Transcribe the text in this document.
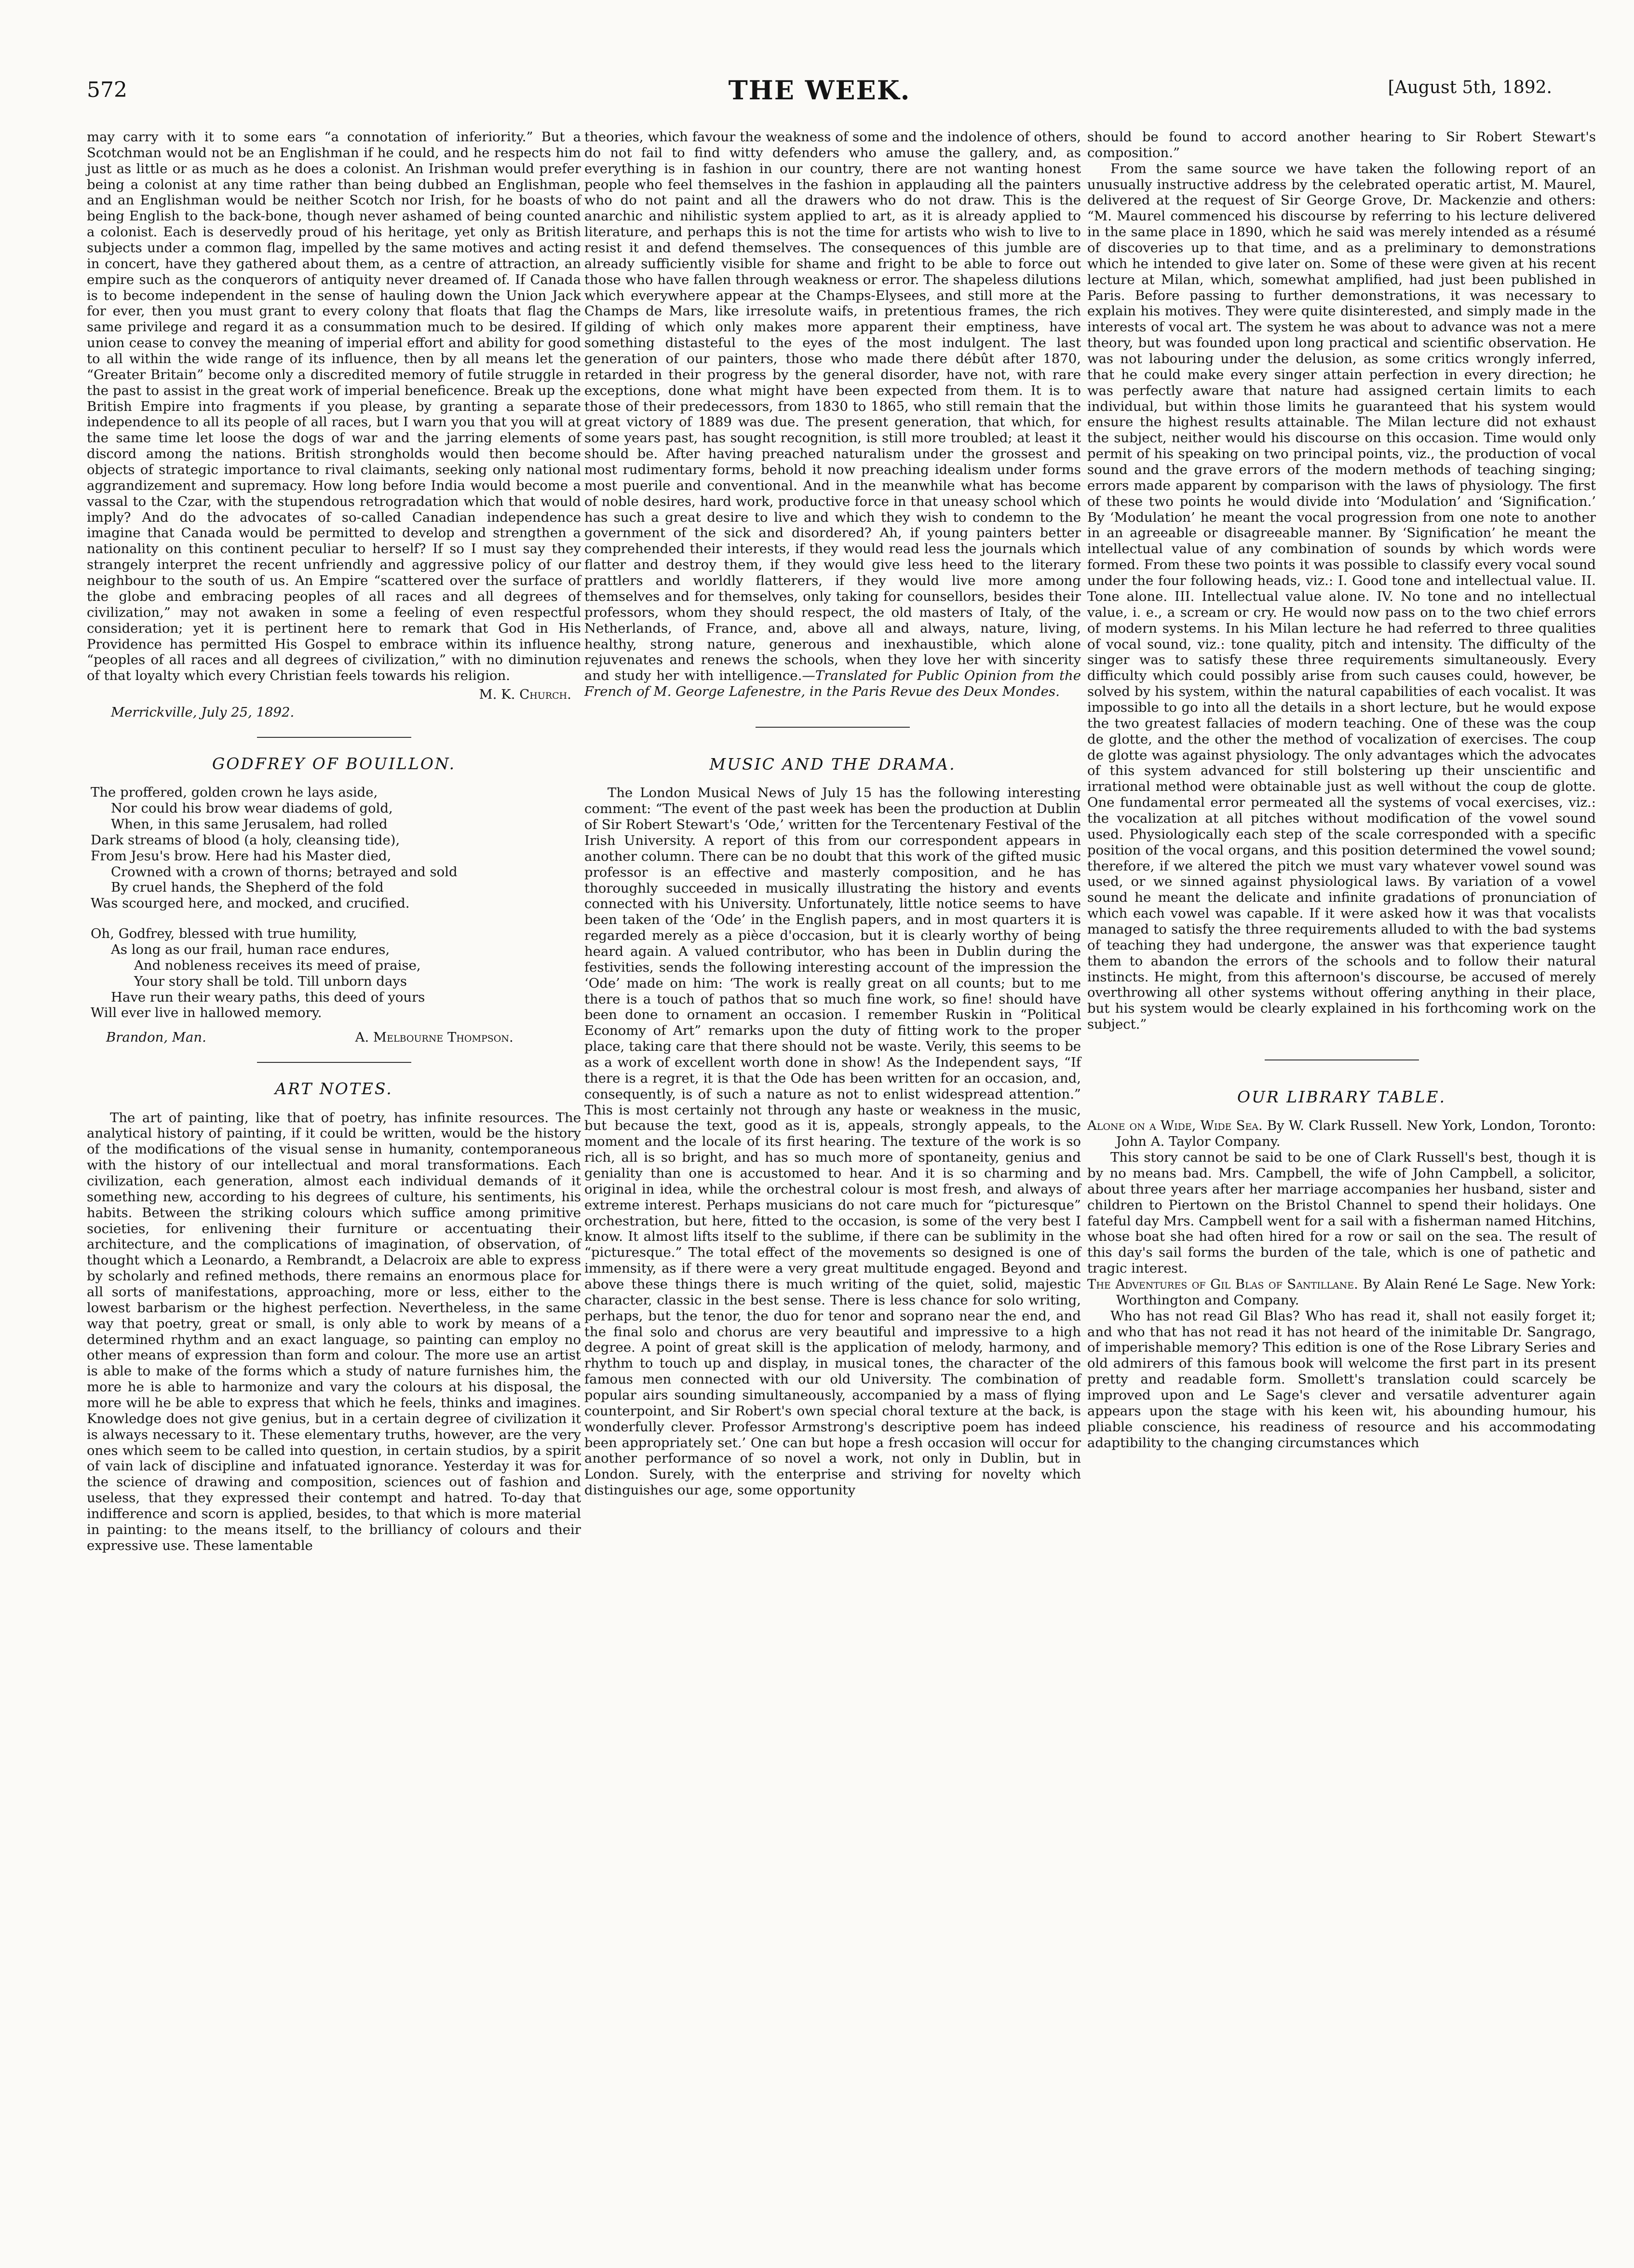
572	THE WEEK.	[August 5th, 1892.

may carry with it to some ears “a connotation of inferiority.” But a Scotchman would not be an Englishman if he could, and he respects him just as little or as much as he does a colonist. An Irishman would prefer being a colonist at any time rather than being dubbed an Englishman, and an Englishman would be neither Scotch nor Irish, for he boasts of being English to the back-bone, though never ashamed of being counted a colonist. Each is deservedly proud of his heritage, yet only as British subjects under a common flag, impelled by the same motives and acting in concert, have they gathered about them, as a centre of attraction, an empire such as the conquerors of antiquity never dreamed of. If Canada is to become independent in the sense of hauling down the Union Jack for ever, then you must grant to every colony that floats that flag the same privilege and regard it as a consummation much to be desired. If union cease to convey the meaning of imperial effort and ability for good to all within the wide range of its influence, then by all means let the “Greater Britain” become only a discredited memory of futile struggle in the past to assist in the great work of imperial beneficence. Break up the British Empire into fragments if you please, by granting a separate independence to all its people of all races, but I warn you that you will at the same time let loose the dogs of war and the jarring elements of discord among the nations. British strongholds would then become objects of strategic importance to rival claimants, seeking only national aggrandizement and supremacy. How long before India would become a vassal to the Czar, with the stupendous retrogradation which that would imply? And do the advocates of so-called Canadian independence imagine that Canada would be permitted to develop and strengthen a nationality on this continent peculiar to herself? If so I must say they strangely interpret the recent unfriendly and aggressive policy of our neighbour to the south of us. An Empire “scattered over the surface of the globe and embracing peoples of all races and all degrees of civilization,” may not awaken in some a feeling of even respectful consideration; yet it is pertinent here to remark that God in His Providence has permitted His Gospel to embrace within its influence “peoples of all races and all degrees of civilization,” with no diminution of that loyalty which every Christian feels towards his religion.

M. K. Church.
Merrickville, July 25, 1892.
GODFREY OF BOUILLON.
The proffered, golden crown he lays aside,
Nor could his brow wear diadems of gold,
When, in this same Jerusalem, had rolled
Dark streams of blood (a holy, cleansing tide),
From Jesu's brow. Here had his Master died,
Crowned with a crown of thorns; betrayed and sold
By cruel hands, the Shepherd of the fold
Was scourged here, and mocked, and crucified.
Oh, Godfrey, blessed with true humility,
As long as our frail, human race endures,
And nobleness receives its meed of praise,
Your story shall be told. Till unborn days
Have run their weary paths, this deed of yours
Will ever live in hallowed memory.
Brandon, Man.	A. Melbourne Thompson.
ART NOTES.

The art of painting, like that of poetry, has infinite resources. The analytical history of painting, if it could be written, would be the history of the modifications of the visual sense in humanity, contemporaneous with the history of our intellectual and moral transformations. Each civilization, each generation, almost each individual demands of it something new, according to his degrees of culture, his sentiments, his habits. Between the striking colours which suffice among primitive societies, for enlivening their furniture or accentuating their architecture, and the complications of imagination, of observation, of thought which a Leonardo, a Rembrandt, a Delacroix are able to express by scholarly and refined methods, there remains an enormous place for all sorts of manifestations, approaching, more or less, either to the lowest barbarism or the highest perfection. Nevertheless, in the same way that poetry, great or small, is only able to work by means of a determined rhythm and an exact language, so painting can employ no other means of expression than form and colour. The more use an artist is able to make of the forms which a study of nature furnishes him, the more he is able to harmonize and vary the colours at his disposal, the more will he be able to express that which he feels, thinks and imagines. Knowledge does not give genius, but in a certain degree of civilization it is always necessary to it. These elementary truths, however, are the very ones which seem to be called into question, in certain studios, by a spirit of vain lack of discipline and infatuated ignorance. Yesterday it was for the science of drawing and composition, sciences out of fashion and useless, that they expressed their contempt and hatred. To-day that indifference and scorn is applied, besides, to that which is more material in painting: to the means itself, to the brilliancy of colours and their expressive use. These lamentable

theories, which favour the weakness of some and the indolence of others, do not fail to find witty defenders who amuse the gallery, and, as everything is in fashion in our country, there are not wanting honest people who feel themselves in the fashion in applauding all the painters who do not paint and all the drawers who do not draw. This is the anarchic and nihilistic system applied to art, as it is already applied to literature, and perhaps this is not the time for artists who wish to live to resist it and defend themselves. The consequences of this jumble are already sufficiently visible for shame and fright to be able to force out those who have fallen through weakness or error. The shapeless dilutions which everywhere appear at the Champs-Elysees, and still more at the Champs de Mars, like irresolute waifs, in pretentious frames, the rich gilding of which only makes more apparent their emptiness, have something distasteful to the eyes of the most indulgent. The last generation of our painters, those who made there débût after 1870, retarded in their progress by the general disorder, have not, with rare exceptions, done what might have been expected from them. It is to those of their predecessors, from 1830 to 1865, who still remain that the great victory of 1889 was due. The present generation, that which, for some years past, has sought recognition, is still more troubled; at least it should be. After having preached naturalism under the grossest and most rudimentary forms, behold it now preaching idealism under forms most puerile and conventional. And in the meanwhile what has become of noble desires, hard work, productive force in that uneasy school which has such a great desire to live and which they wish to condemn to the government of the sick and disordered? Ah, if young painters better comprehended their interests, if they would read less the journals which flatter and destroy them, if they would give less heed to the literary prattlers and worldly flatterers, if they would live more among themselves and for themselves, only taking for counsellors, besides their professors, whom they should respect, the old masters of Italy, of the Netherlands, of France, and, above all and always, nature, living, healthy, strong nature, generous and inexhaustible, which alone rejuvenates and renews the schools, when they love her with sincerity and study her with intelligence.—Translated for Public Opinion from the French of M. George Lafenestre, in the Paris Revue des Deux Mondes.

MUSIC AND THE DRAMA.

The London Musical News of July 15 has the following interesting comment: “The event of the past week has been the production at Dublin of Sir Robert Stewart's ‘Ode,’ written for the Tercentenary Festival of the Irish University. A report of this from our correspondent appears in another column. There can be no doubt that this work of the gifted music professor is an effective and masterly composition, and he has thoroughly succeeded in musically illustrating the history and events connected with his University. Unfortunately, little notice seems to have been taken of the ‘Ode’ in the English papers, and in most quarters it is regarded merely as a pièce d'occasion, but it is clearly worthy of being heard again. A valued contributor, who has been in Dublin during the festivities, sends the following interesting account of the impression the ‘Ode’ made on him: ‘The work is really great on all counts; but to me there is a touch of pathos that so much fine work, so fine! should have been done to ornament an occasion. I remember Ruskin in “Political Economy of Art” remarks upon the duty of fitting work to the proper place, taking care that there should not be waste. Verily, this seems to be as a work of excellent worth done in show! As the Independent says, “If there is a regret, it is that the Ode has been written for an occasion, and, consequently, is of such a nature as not to enlist widespread attention.” This is most certainly not through any haste or weakness in the music, but because the text, good as it is, appeals, strongly appeals, to the moment and the locale of its first hearing. The texture of the work is so rich, all is so bright, and has so much more of spontaneity, genius and geniality than one is accustomed to hear. And it is so charming and original in idea, while the orchestral colour is most fresh, and always of extreme interest. Perhaps musicians do not care much for “picturesque” orchestration, but here, fitted to the occasion, is some of the very best I know. It almost lifts itself to the sublime, if there can be sublimity in the “picturesque.” The total effect of the movements so designed is one of immensity, as if there were a very great multitude engaged. Beyond and above these things there is much writing of the quiet, solid, majestic character, classic in the best sense. There is less chance for solo writing, perhaps, but the tenor, the duo for tenor and soprano near the end, and the final solo and chorus are very beautiful and impressive to a high degree. A point of great skill is the application of melody, harmony, and rhythm to touch up and display, in musical tones, the character of the famous men connected with our old University. The combination of popular airs sounding simultaneously, accompanied by a mass of flying counterpoint, and Sir Robert's own special choral texture at the back, is wonderfully clever. Professor Armstrong's descriptive poem has indeed been appropriately set.’ One can but hope a fresh occasion will occur for another performance of so novel a work, not only in Dublin, but in London. Surely, with the enterprise and striving for novelty which distinguishes our age, some opportunity

should be found to accord another hearing to Sir Robert Stewart's composition.”

From the same source we have taken the following report of an unusually instructive address by the celebrated operatic artist, M. Maurel, delivered at the request of Sir George Grove, Dr. Mackenzie and others: “M. Maurel commenced his discourse by referring to his lecture delivered in the same place in 1890, which he said was merely intended as a résumé of discoveries up to that time, and as a preliminary to demonstrations which he intended to give later on. Some of these were given at his recent lecture at Milan, which, somewhat amplified, had just been published in Paris. Before passing to further demonstrations, it was necessary to explain his motives. They were quite disinterested, and simply made in the interests of vocal art. The system he was about to advance was not a mere theory, but was founded upon long practical and scientific observation. He was not labouring under the delusion, as some critics wrongly inferred, that he could make every singer attain perfection in every direction; he was perfectly aware that nature had assigned certain limits to each individual, but within those limits he guaranteed that his system would ensure the highest results attainable. The Milan lecture did not exhaust the subject, neither would his discourse on this occasion. Time would only permit of his speaking on two principal points, viz., the production of vocal sound and the grave errors of the modern methods of teaching singing; errors made apparent by comparison with the laws of physiology. The first of these two points he would divide into ‘Modulation’ and ‘Signification.’ By ‘Modulation’ he meant the vocal progression from one note to another in an agreeable or disagreeable manner. By ‘Signification’ he meant the intellectual value of any combination of sounds by which words were formed. From these two points it was possible to classify every vocal sound under the four following heads, viz.: I. Good tone and intellectual value. II. Tone alone. III. Intellectual value alone. IV. No tone and no intellectual value, i. e., a scream or cry. He would now pass on to the two chief errors of modern systems. In his Milan lecture he had referred to three qualities of vocal sound, viz.: tone quality, pitch and intensity. The difficulty of the singer was to satisfy these three requirements simultaneously. Every difficulty which could possibly arise from such causes could, however, be solved by his system, within the natural capabilities of each vocalist. It was impossible to go into all the details in a short lecture, but he would expose the two greatest fallacies of modern teaching. One of these was the coup de glotte, and the other the method of vocalization of exercises. The coup de glotte was against physiology. The only advantages which the advocates of this system advanced for still bolstering up their unscientific and irrational method were obtainable just as well without the coup de glotte. One fundamental error permeated all the systems of vocal exercises, viz.: the vocalization at all pitches without modification of the vowel sound used. Physiologically each step of the scale corresponded with a specific position of the vocal organs, and this position determined the vowel sound; therefore, if we altered the pitch we must vary whatever vowel sound was used, or we sinned against physiological laws. By variation of a vowel sound he meant the delicate and infinite gradations of pronunciation of which each vowel was capable. If it were asked how it was that vocalists managed to satisfy the three requirements alluded to with the bad systems of teaching they had undergone, the answer was that experience taught them to abandon the errors of the schools and to follow their natural instincts. He might, from this afternoon's discourse, be accused of merely overthrowing all other systems without offering anything in their place, but his system would be clearly explained in his forthcoming work on the subject.”

OUR LIBRARY TABLE.

Alone on a Wide, Wide Sea. By W. Clark Russell. New York, London, Toronto: John A. Taylor Company.

This story cannot be said to be one of Clark Russell's best, though it is by no means bad. Mrs. Campbell, the wife of John Campbell, a solicitor, about three years after her marriage accompanies her husband, sister and children to Piertown on the Bristol Channel to spend their holidays. One fateful day Mrs. Campbell went for a sail with a fisherman named Hitchins, whose boat she had often hired for a row or sail on the sea. The result of this day's sail forms the burden of the tale, which is one of pathetic and tragic interest.

The Adventures of Gil Blas of Santillane. By Alain René Le Sage. New York: Worthington and Company.

Who has not read Gil Blas? Who has read it, shall not easily forget it; and who that has not read it has not heard of the inimitable Dr. Sangrago, of imperishable memory? This edition is one of the Rose Library Series and old admirers of this famous book will welcome the first part in its present pretty and readable form. Smollett's translation could scarcely be improved upon and Le Sage's clever and versatile adventurer again appears upon the stage with his keen wit, his abounding humour, his pliable conscience, his readiness of resource and his accommodating adaptibility to the changing circumstances which
